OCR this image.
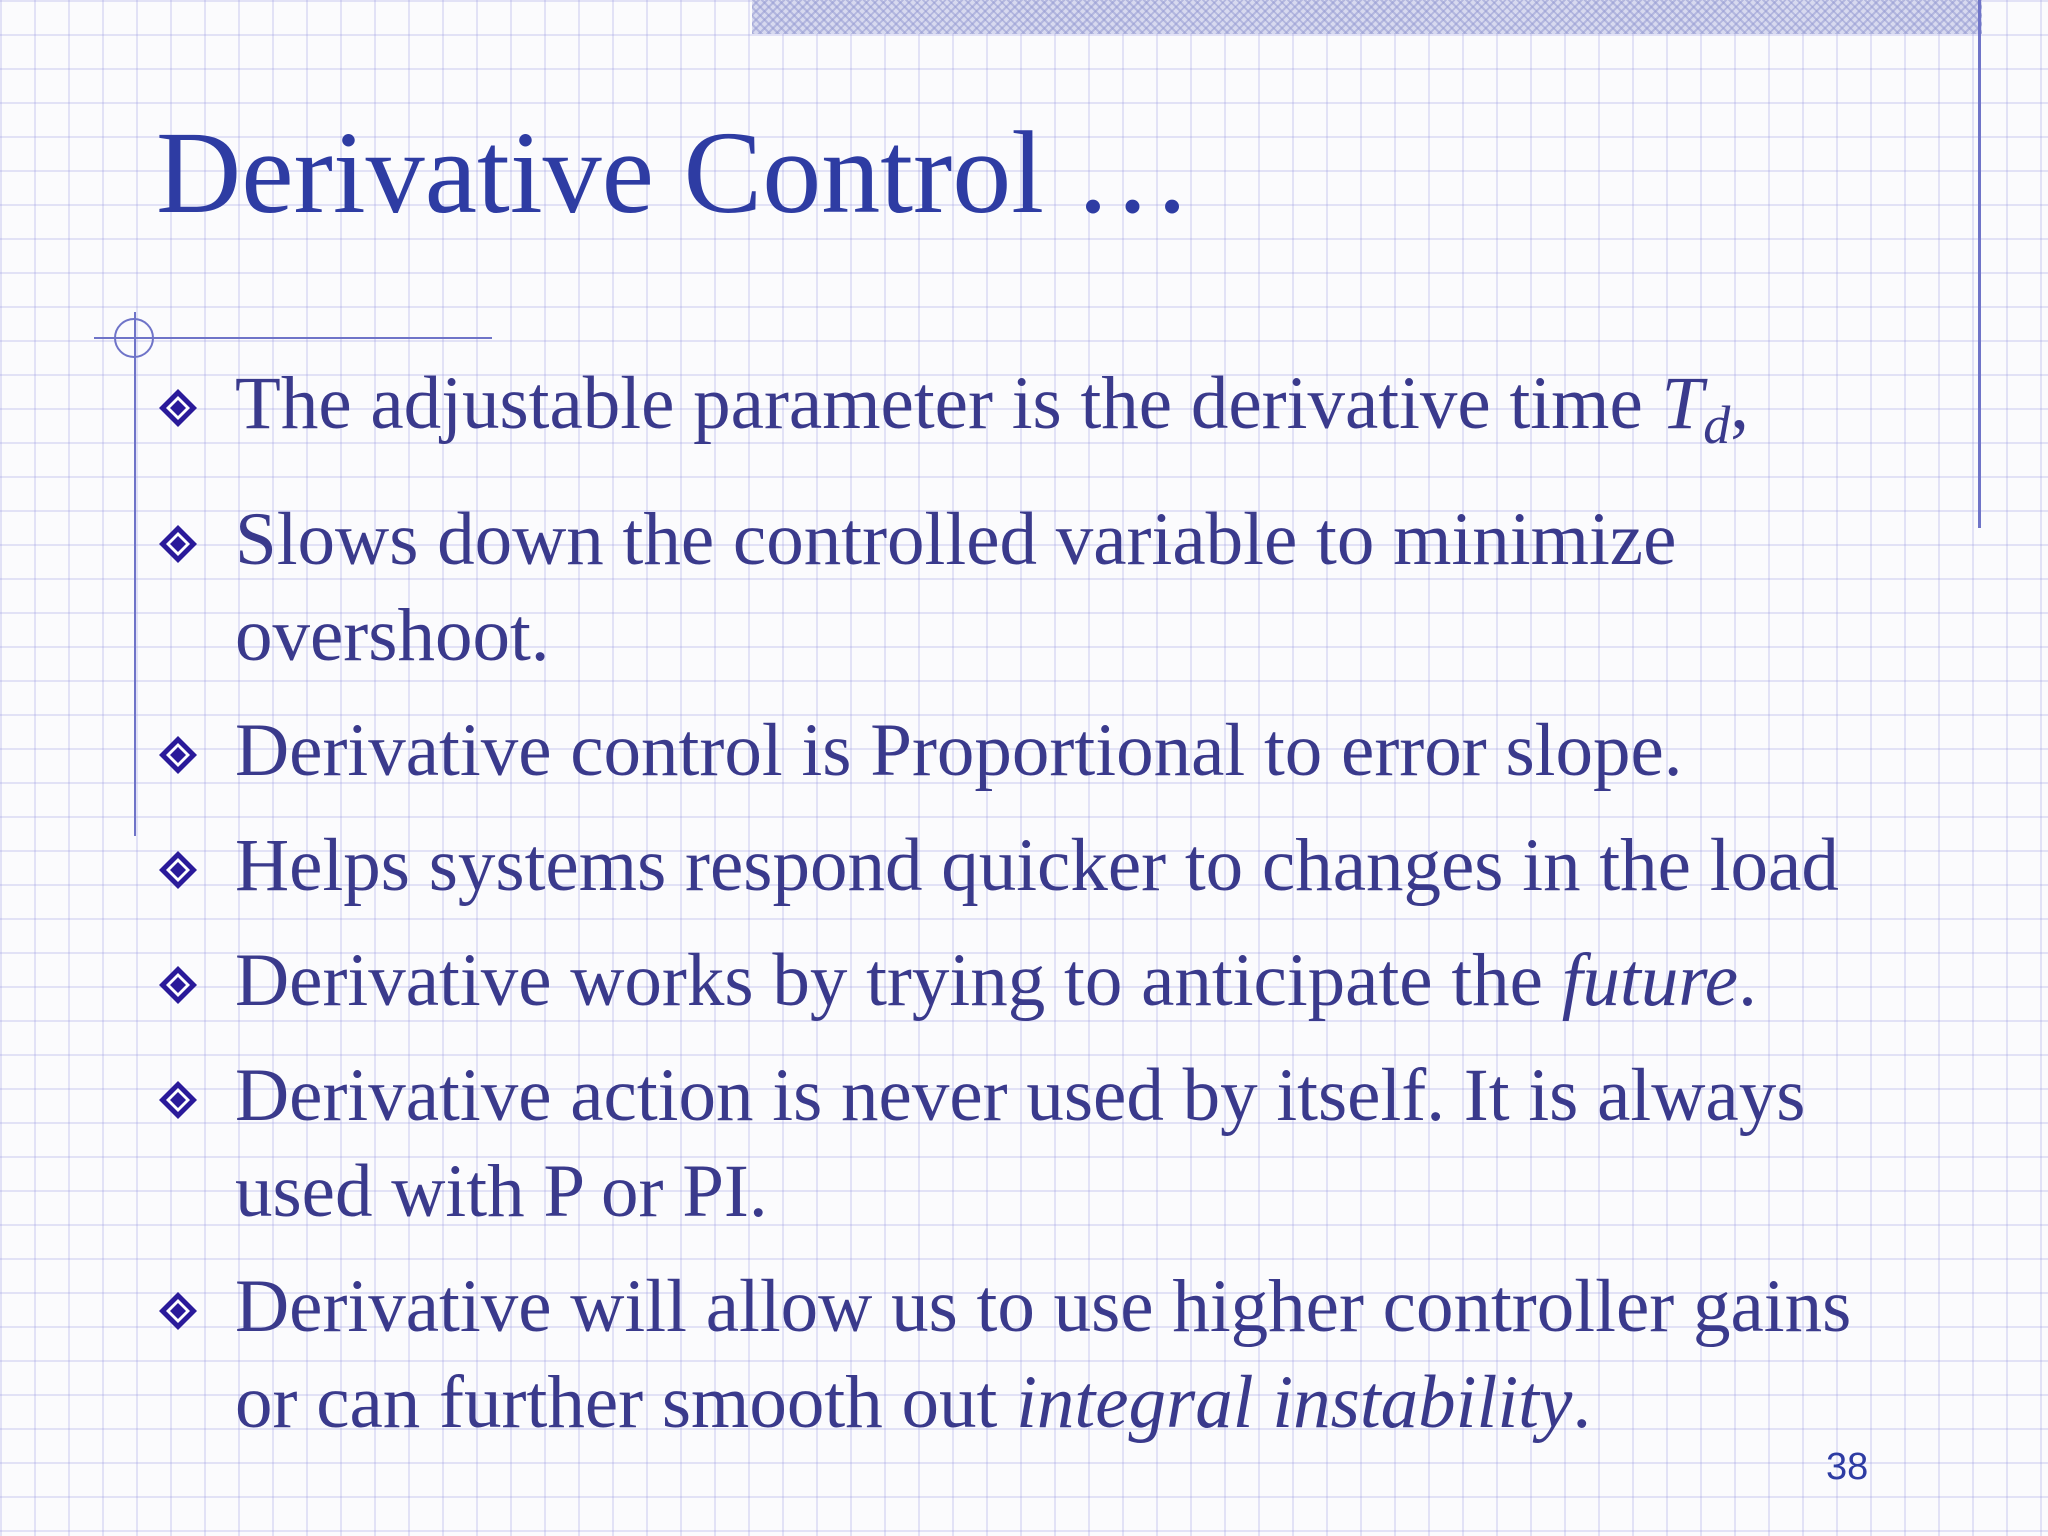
Derivative Control …
The adjustable parameter is the derivative time $T_d$,
Slows down the controlled variable to minimize
overshoot.
Derivative control is Proportional to error slope.
Helps systems respond quicker to changes in the load
Derivative works by trying to anticipate the future.
Derivative action is never used by itself. It is always
used with P or PI.
Derivative will allow us to use higher controller gains
or can further smooth out integral instability.
38
